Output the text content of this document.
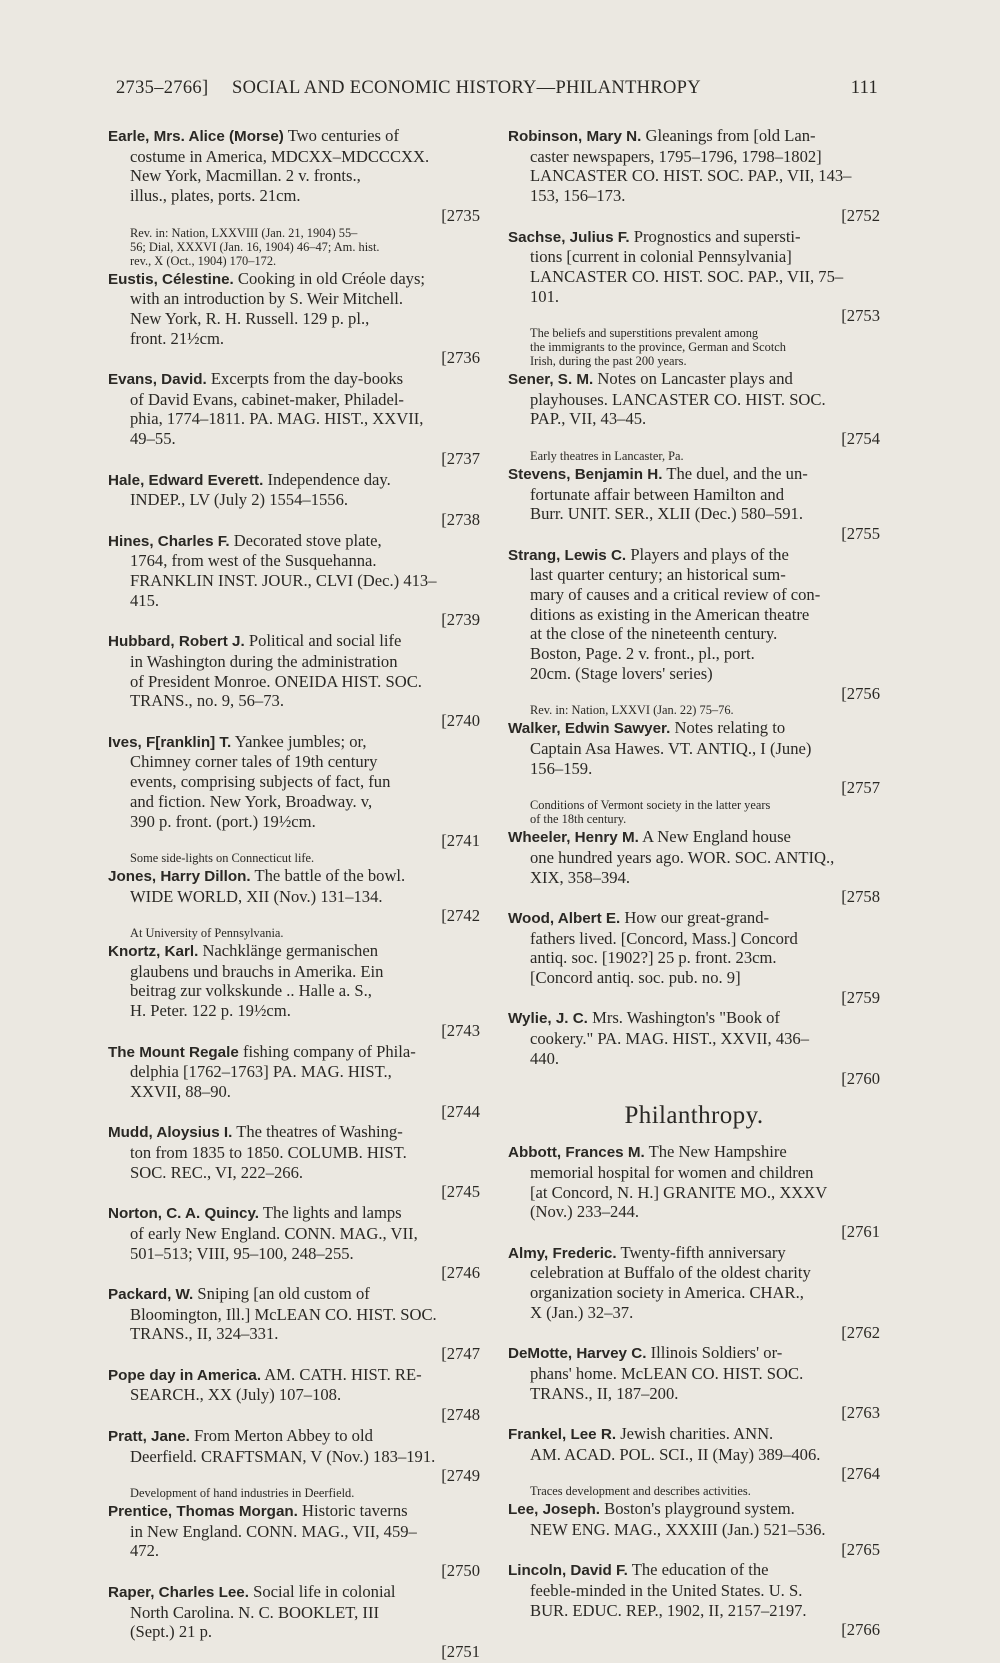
2735–2766] SOCIAL AND ECONOMIC HISTORY—PHILANTHROPY	111
Earle, Mrs. Alice (Morse) Two centuries of
costume in America, MDCXX–MDCCCXX.
New York, Macmillan. 2 v. fronts.,
illus., plates, ports. 21cm.
[2735
Rev. in: Nation, LXXVIII (Jan. 21, 1904) 55–
56; Dial, XXXVI (Jan. 16, 1904) 46–47; Am. hist.
rev., X (Oct., 1904) 170–172.
Eustis, Célestine. Cooking in old Créole days;
with an introduction by S. Weir Mitchell.
New York, R. H. Russell. 129 p. pl.,
front. 21½cm.
[2736
Evans, David. Excerpts from the day-books
of David Evans, cabinet-maker, Philadel-
phia, 1774–1811. PA. MAG. HIST., XXVII,
49–55.
[2737
Hale, Edward Everett. Independence day.
INDEP., LV (July 2) 1554–1556.
[2738
Hines, Charles F. Decorated stove plate,
1764, from west of the Susquehanna.
FRANKLIN INST. JOUR., CLVI (Dec.) 413–
415.
[2739
Hubbard, Robert J. Political and social life
in Washington during the administration
of President Monroe. ONEIDA HIST. SOC.
TRANS., no. 9, 56–73.
[2740
Ives, F[ranklin] T. Yankee jumbles; or,
Chimney corner tales of 19th century
events, comprising subjects of fact, fun
and fiction. New York, Broadway. v,
390 p. front. (port.) 19½cm.
[2741
Some side-lights on Connecticut life.
Jones, Harry Dillon. The battle of the bowl.
WIDE WORLD, XII (Nov.) 131–134.
[2742
At University of Pennsylvania.
Knortz, Karl. Nachklänge germanischen
glaubens und brauchs in Amerika. Ein
beitrag zur volkskunde .. Halle a. S.,
H. Peter. 122 p. 19½cm.
[2743
The Mount Regale fishing company of Phila-
delphia [1762–1763] PA. MAG. HIST.,
XXVII, 88–90.
[2744
Mudd, Aloysius I. The theatres of Washing-
ton from 1835 to 1850. COLUMB. HIST.
SOC. REC., VI, 222–266.
[2745
Norton, C. A. Quincy. The lights and lamps
of early New England. CONN. MAG., VII,
501–513; VIII, 95–100, 248–255.
[2746
Packard, W. Sniping [an old custom of
Bloomington, Ill.] McLEAN CO. HIST. SOC.
TRANS., II, 324–331.
[2747
Pope day in America. AM. CATH. HIST. RE-
SEARCH., XX (July) 107–108.
[2748
Pratt, Jane. From Merton Abbey to old
Deerfield. CRAFTSMAN, V (Nov.) 183–191.
[2749
Development of hand industries in Deerfield.
Prentice, Thomas Morgan. Historic taverns
in New England. CONN. MAG., VII, 459–
472.
[2750
Raper, Charles Lee. Social life in colonial
North Carolina. N. C. BOOKLET, III
(Sept.) 21 p.
[2751
Robinson, Mary N. Gleanings from [old Lan-
caster newspapers, 1795–1796, 1798–1802]
LANCASTER CO. HIST. SOC. PAP., VII, 143–
153, 156–173.
[2752
Sachse, Julius F. Prognostics and supersti-
tions [current in colonial Pennsylvania]
LANCASTER CO. HIST. SOC. PAP., VII, 75–
101.
[2753
The beliefs and superstitions prevalent among
the immigrants to the province, German and Scotch
Irish, during the past 200 years.
Sener, S. M. Notes on Lancaster plays and
playhouses. LANCASTER CO. HIST. SOC.
PAP., VII, 43–45.
[2754
Early theatres in Lancaster, Pa.
Stevens, Benjamin H. The duel, and the un-
fortunate affair between Hamilton and
Burr. UNIT. SER., XLII (Dec.) 580–591.
[2755
Strang, Lewis C. Players and plays of the
last quarter century; an historical sum-
mary of causes and a critical review of con-
ditions as existing in the American theatre
at the close of the nineteenth century.
Boston, Page. 2 v. front., pl., port.
20cm. (Stage lovers' series)
[2756
Rev. in: Nation, LXXVI (Jan. 22) 75–76.
Walker, Edwin Sawyer. Notes relating to
Captain Asa Hawes. VT. ANTIQ., I (June)
156–159.
[2757
Conditions of Vermont society in the latter years
of the 18th century.
Wheeler, Henry M. A New England house
one hundred years ago. WOR. SOC. ANTIQ.,
XIX, 358–394.
[2758
Wood, Albert E. How our great-grand-
fathers lived. [Concord, Mass.] Concord
antiq. soc. [1902?] 25 p. front. 23cm.
[Concord antiq. soc. pub. no. 9]
[2759
Wylie, J. C. Mrs. Washington's "Book of
cookery." PA. MAG. HIST., XXVII, 436–
440.
[2760
Philanthropy.
Abbott, Frances M. The New Hampshire
memorial hospital for women and children
[at Concord, N. H.] GRANITE MO., XXXV
(Nov.) 233–244.
[2761
Almy, Frederic. Twenty-fifth anniversary
celebration at Buffalo of the oldest charity
organization society in America. CHAR.,
X (Jan.) 32–37.
[2762
DeMotte, Harvey C. Illinois Soldiers' or-
phans' home. McLEAN CO. HIST. SOC.
TRANS., II, 187–200.
[2763
Frankel, Lee R. Jewish charities. ANN.
AM. ACAD. POL. SCI., II (May) 389–406.
[2764
Traces development and describes activities.
Lee, Joseph. Boston's playground system.
NEW ENG. MAG., XXXIII (Jan.) 521–536.
[2765
Lincoln, David F. The education of the
feeble-minded in the United States. U. S.
BUR. EDUC. REP., 1902, II, 2157–2197.
[2766
